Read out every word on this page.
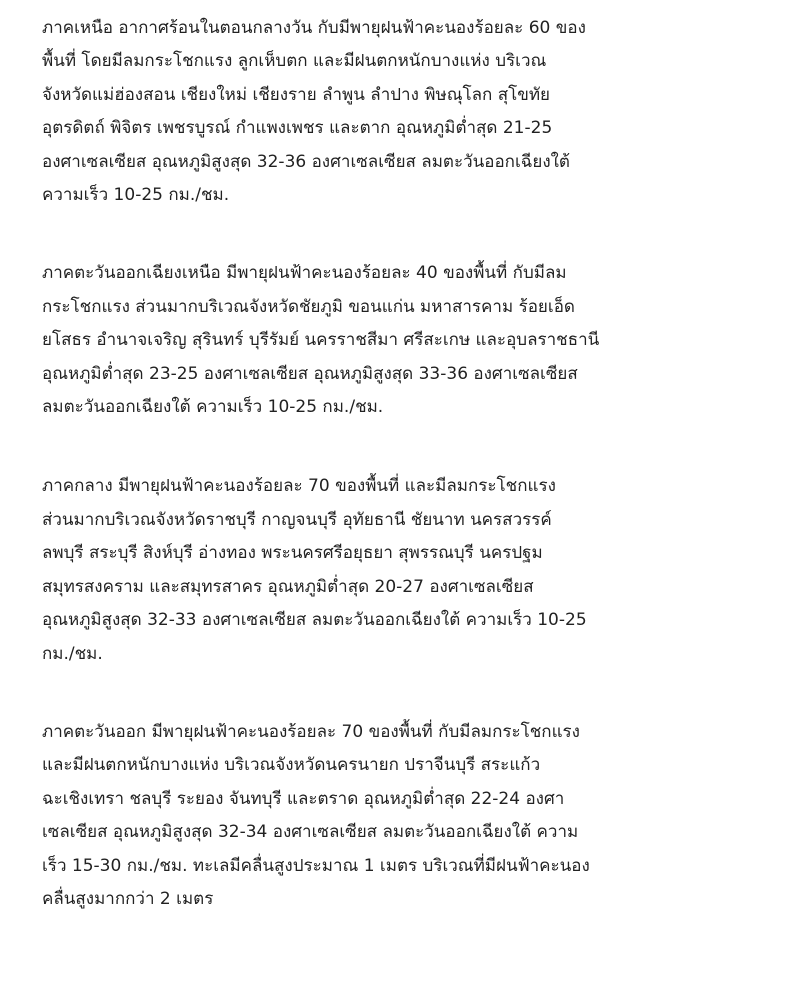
ภาคเหนือ อากาศร้อนในตอนกลางวัน กับมีพายุฝนฟ้าคะนองร้อยละ 60 ของ
พื้นที่ โดยมีลมกระโชกแรง ลูกเห็บตก และมีฝนตกหนักบางแห่ง บริเวณ
จังหวัดแม่ฮ่องสอน เชียงใหม่ เชียงราย ลำพูน ลำปาง พิษณุโลก สุโขทัย
อุตรดิตถ์ พิจิตร เพชรบูรณ์ กำแพงเพชร และตาก อุณหภูมิต่ำสุด 21-25
องศาเซลเซียส อุณหภูมิสูงสุด 32-36 องศาเซลเซียส ลมตะวันออกเฉียงใต้
ความเร็ว 10-25 กม./ชม.

ภาคตะวันออกเฉียงเหนือ มีพายุฝนฟ้าคะนองร้อยละ 40 ของพื้นที่ กับมีลม
กระโชกแรง ส่วนมากบริเวณจังหวัดชัยภูมิ ขอนแก่น มหาสารคาม ร้อยเอ็ด
ยโสธร อำนาจเจริญ สุรินทร์ บุรีรัมย์ นครราชสีมา ศรีสะเกษ และอุบลราชธานี
อุณหภูมิต่ำสุด 23-25 องศาเซลเซียส อุณหภูมิสูงสุด 33-36 องศาเซลเซียส
ลมตะวันออกเฉียงใต้ ความเร็ว 10-25 กม./ชม.

ภาคกลาง มีพายุฝนฟ้าคะนองร้อยละ 70 ของพื้นที่ และมีลมกระโชกแรง
ส่วนมากบริเวณจังหวัดราชบุรี กาญจนบุรี อุทัยธานี ชัยนาท นครสวรรค์
ลพบุรี สระบุรี สิงห์บุรี อ่างทอง พระนครศรีอยุธยา สุพรรณบุรี นครปฐม
สมุทรสงคราม และสมุทรสาคร อุณหภูมิต่ำสุด 20-27 องศาเซลเซียส
อุณหภูมิสูงสุด 32-33 องศาเซลเซียส ลมตะวันออกเฉียงใต้ ความเร็ว 10-25
กม./ชม.

ภาคตะวันออก มีพายุฝนฟ้าคะนองร้อยละ 70 ของพื้นที่ กับมีลมกระโชกแรง
และมีฝนตกหนักบางแห่ง บริเวณจังหวัดนครนายก ปราจีนบุรี สระแก้ว
ฉะเชิงเทรา ชลบุรี ระยอง จันทบุรี และตราด อุณหภูมิต่ำสุด 22-24 องศา
เซลเซียส อุณหภูมิสูงสุด 32-34 องศาเซลเซียส ลมตะวันออกเฉียงใต้ ความ
เร็ว 15-30 กม./ชม. ทะเลมีคลื่นสูงประมาณ 1 เมตร บริเวณที่มีฝนฟ้าคะนอง
คลื่นสูงมากกว่า 2 เมตร
